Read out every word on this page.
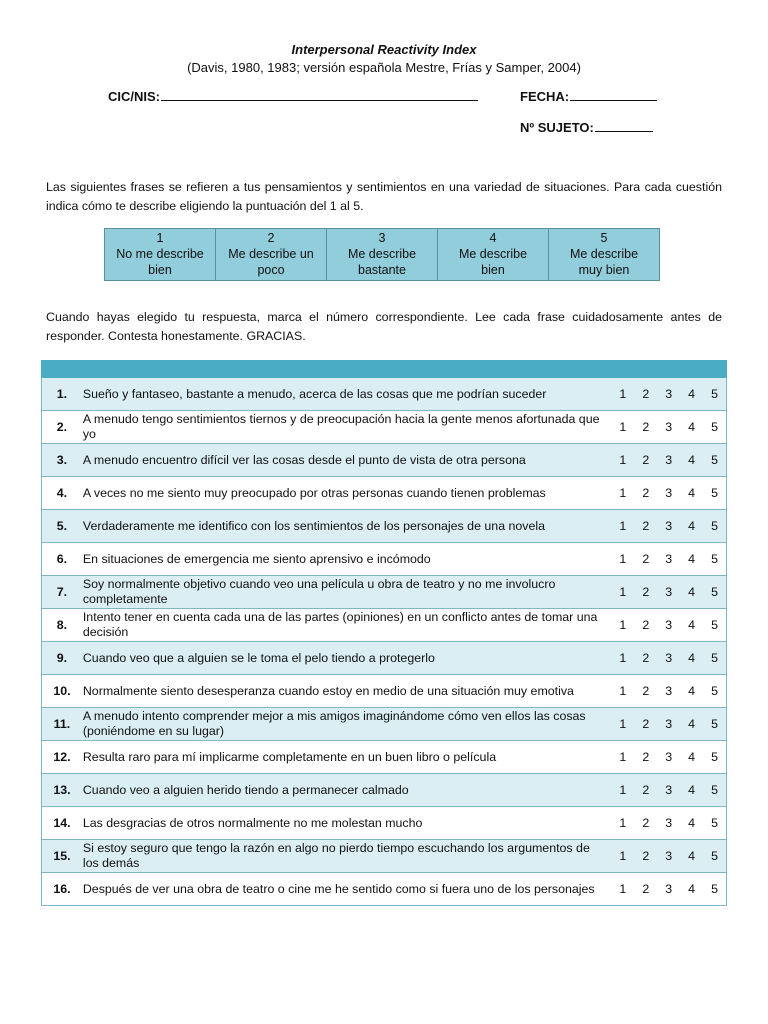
Interpersonal Reactivity Index
(Davis, 1980, 1983; versión española Mestre, Frías y Samper, 2004)
CIC/NIS:	FECHA:
Nº SUJETO:
Las siguientes frases se refieren a tus pensamientos y sentimientos en una variedad de situaciones. Para cada cuestión indica cómo te describe eligiendo la puntuación del 1 al 5.
1
No me describe
bien

2
Me describe un
poco

3
Me describe
bastante

4
Me describe
bien

5
Me describe
muy bien
Cuando hayas elegido tu respuesta, marca el número correspondiente. Lee cada frase cuidadosamente antes de responder. Contesta honestamente. GRACIAS.

1.	Sueño y fantaseo, bastante a menudo, acerca de las cosas que me podrían suceder	1	2	3	4	5
2.	A menudo tengo sentimientos tiernos y de preocupación hacia la gente menos afortunada que yo	1	2	3	4	5
3.	A menudo encuentro difícil ver las cosas desde el punto de vista de otra persona	1	2	3	4	5
4.	A veces no me siento muy preocupado por otras personas cuando tienen problemas	1	2	3	4	5
5.	Verdaderamente me identifico con los sentimientos de los personajes de una novela	1	2	3	4	5
6.	En situaciones de emergencia me siento aprensivo e incómodo	1	2	3	4	5
7.	Soy normalmente objetivo cuando veo una película u obra de teatro y no me involucro completamente	1	2	3	4	5
8.	Intento tener en cuenta cada una de las partes (opiniones) en un conflicto antes de tomar una decisión	1	2	3	4	5
9.	Cuando veo que a alguien se le toma el pelo tiendo a protegerlo	1	2	3	4	5
10.	Normalmente siento desesperanza cuando estoy en medio de una situación muy emotiva	1	2	3	4	5
11.	A menudo intento comprender mejor a mis amigos imaginándome cómo ven ellos las cosas (poniéndome en su lugar)	1	2	3	4	5
12.	Resulta raro para mí implicarme completamente en un buen libro o película	1	2	3	4	5
13.	Cuando veo a alguien herido tiendo a permanecer calmado	1	2	3	4	5
14.	Las desgracias de otros normalmente no me molestan mucho	1	2	3	4	5
15.	Si estoy seguro que tengo la razón en algo no pierdo tiempo escuchando los argumentos de los demás	1	2	3	4	5
16.	Después de ver una obra de teatro o cine me he sentido como si fuera uno de los personajes	1	2	3	4	5
